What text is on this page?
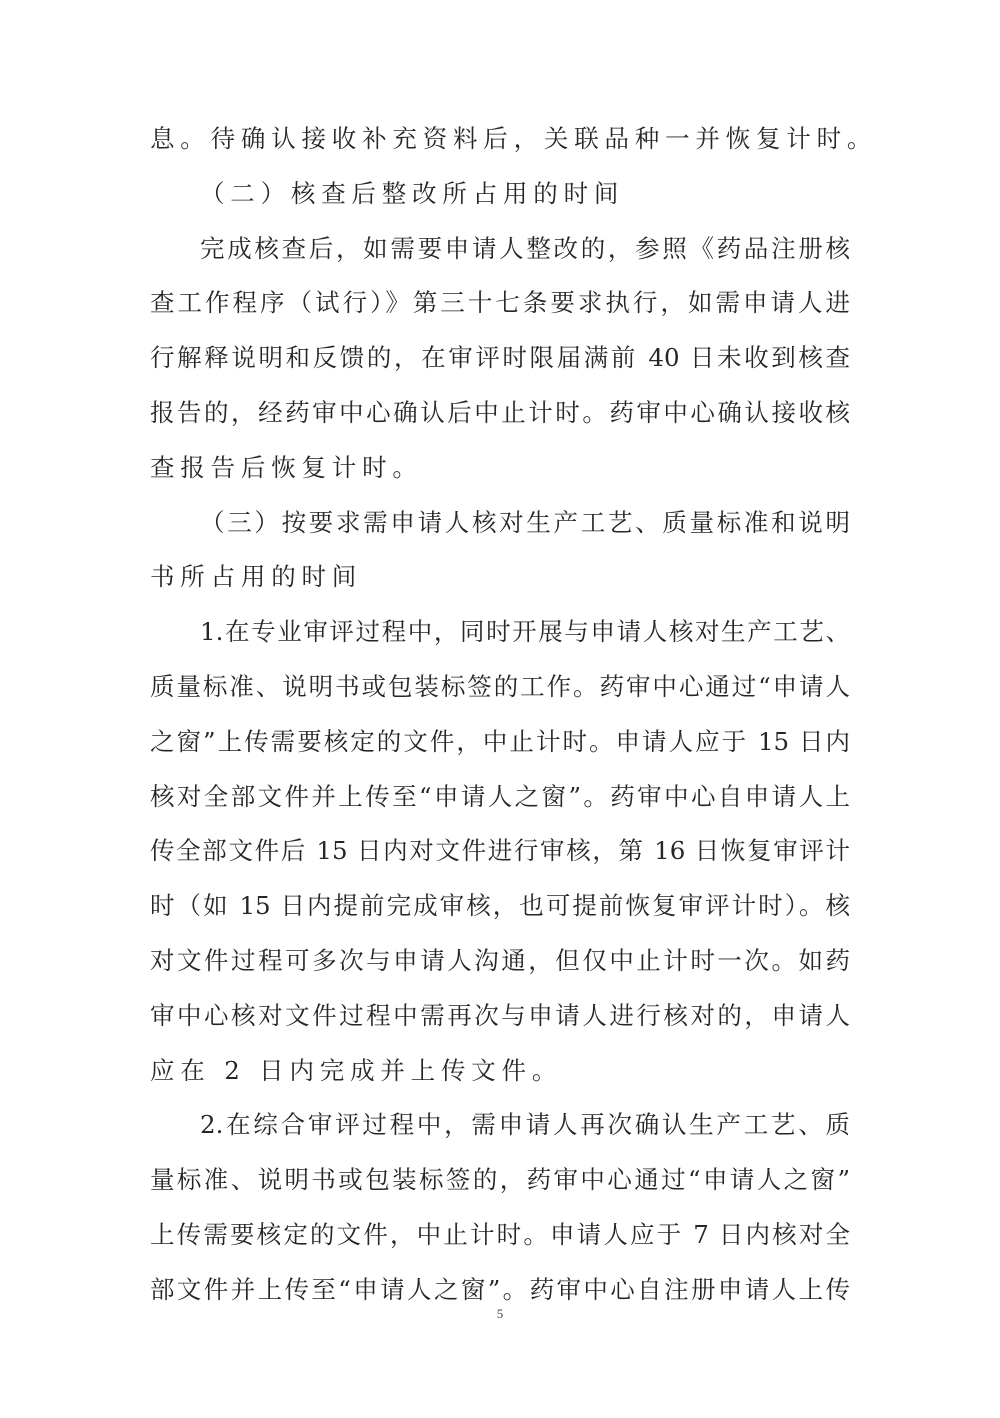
息。待确认接收补充资料后，关联品种一并恢复计时。
（二）核查后整改所占用的时间
完成核查后，如需要申请人整改的，参照《药品注册核
查工作程序（试行）》第三十七条要求执行，如需申请人进
行解释说明和反馈的，在审评时限届满前 40 日未收到核查
报告的，经药审中心确认后中止计时。药审中心确认接收核
查报告后恢复计时。
（三）按要求需申请人核对生产工艺、质量标准和说明
书所占用的时间
1.在专业审评过程中，同时开展与申请人核对生产工艺、
质量标准、说明书或包装标签的工作。药审中心通过“申请人
之窗”上传需要核定的文件，中止计时。申请人应于 15 日内
核对全部文件并上传至“申请人之窗”。药审中心自申请人上
传全部文件后 15 日内对文件进行审核，第 16 日恢复审评计
时（如 15 日内提前完成审核，也可提前恢复审评计时）。核
对文件过程可多次与申请人沟通，但仅中止计时一次。如药
审中心核对文件过程中需再次与申请人进行核对的，申请人
应在 2 日内完成并上传文件。
2.在综合审评过程中，需申请人再次确认生产工艺、质
量标准、说明书或包装标签的，药审中心通过“申请人之窗”
上传需要核定的文件，中止计时。申请人应于 7 日内核对全
部文件并上传至“申请人之窗”。药审中心自注册申请人上传
5
